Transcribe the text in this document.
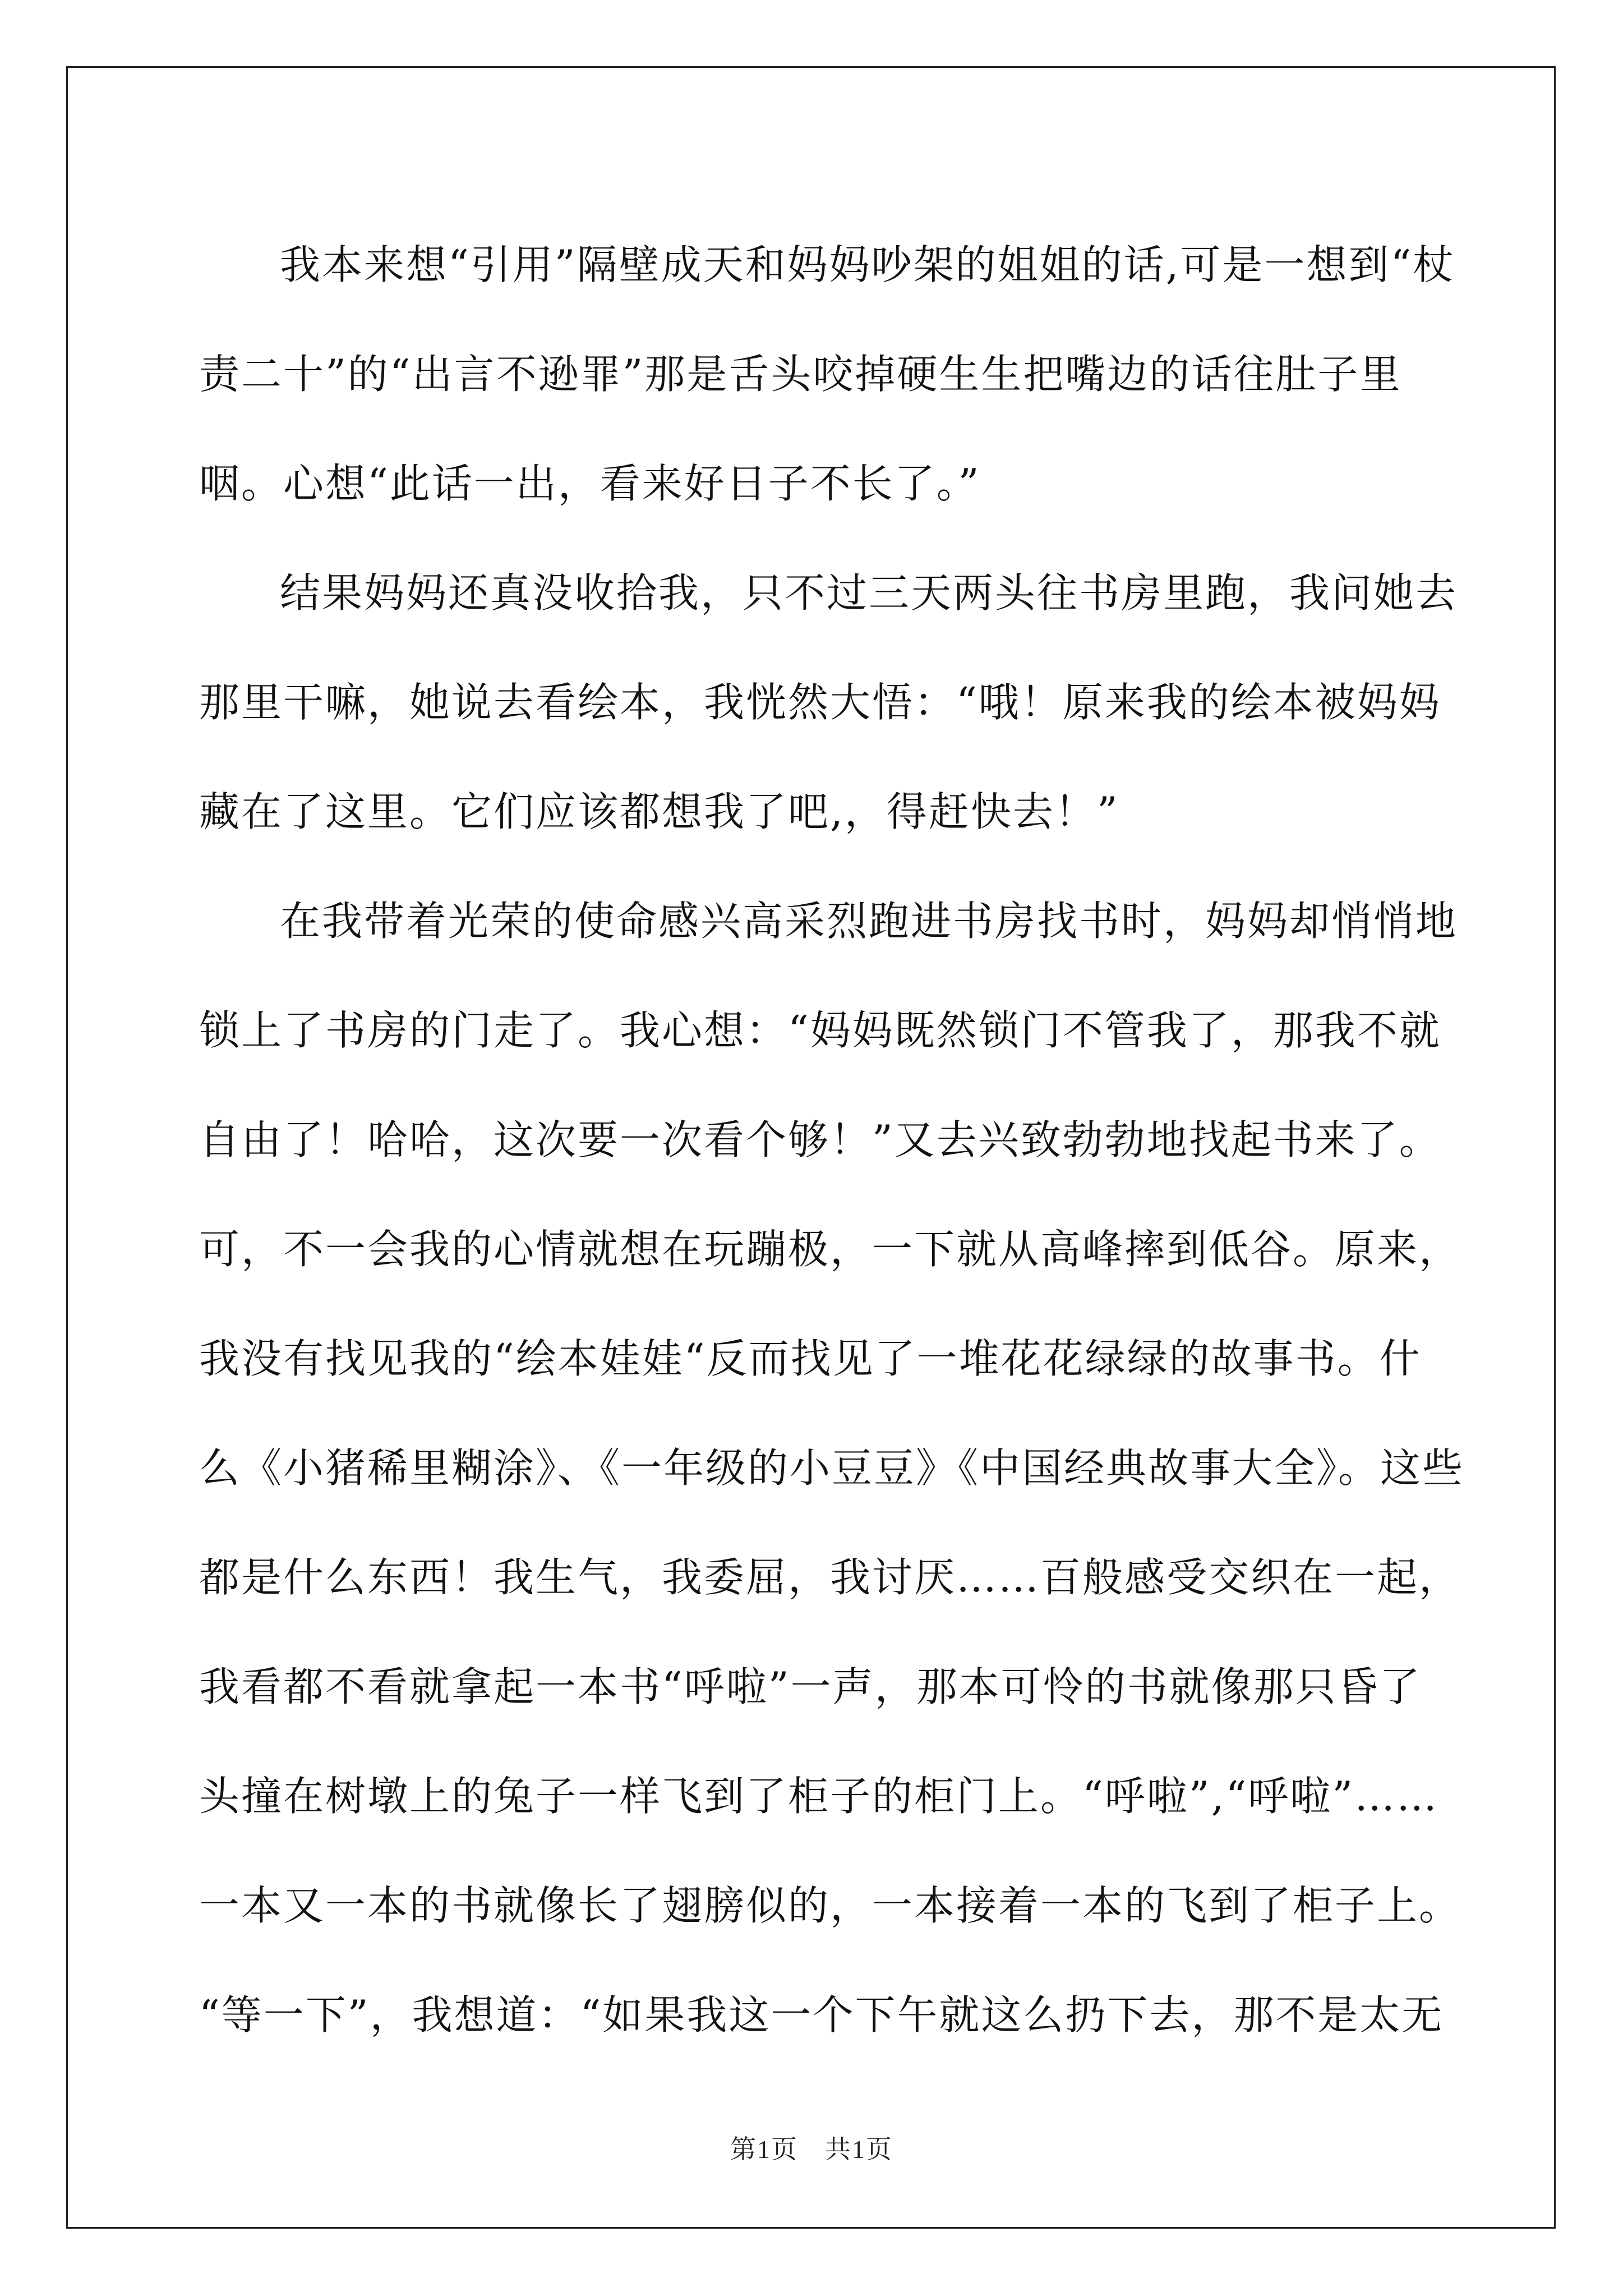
我本来想“引用”隔壁成天和妈妈吵架的姐姐的话,可是一想到“杖
责二十”的“出言不逊罪”那是舌头咬掉硬生生把嘴边的话往肚子里
咽。心想“此话一出，看来好日子不长了。”
结果妈妈还真没收拾我，只不过三天两头往书房里跑，我问她去
那里干嘛，她说去看绘本，我恍然大悟：“哦！原来我的绘本被妈妈
藏在了这里。它们应该都想我了吧,，得赶快去！”
在我带着光荣的使命感兴高采烈跑进书房找书时，妈妈却悄悄地
锁上了书房的门走了。我心想：“妈妈既然锁门不管我了，那我不就
自由了！哈哈，这次要一次看个够！”又去兴致勃勃地找起书来了。
可，不一会我的心情就想在玩蹦极，一下就从高峰摔到低谷。原来，
我没有找见我的“绘本娃娃“反而找见了一堆花花绿绿的故事书。什
么《小猪稀里糊涂》、《一年级的小豆豆》《中国经典故事大全》。这些
都是什么东西！我生气，我委屈，我讨厌……百般感受交织在一起，
我看都不看就拿起一本书“呼啦”一声，那本可怜的书就像那只昏了
头撞在树墩上的兔子一样飞到了柜子的柜门上。“呼啦”,“呼啦”……
一本又一本的书就像长了翅膀似的，一本接着一本的飞到了柜子上。
“等一下”，我想道：“如果我这一个下午就这么扔下去，那不是太无
第1页　共1页
